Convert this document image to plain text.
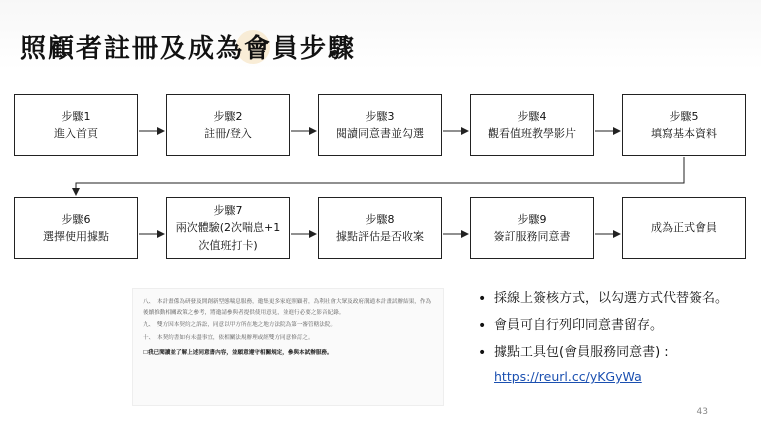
照顧者註冊及成為會員步驟
步驟1
進入首頁
步驟2
註冊/登入
步驟3
閱讀同意書並勾選
步驟4
觀看值班教學影片
步驟5
填寫基本資料
步驟6
選擇使用據點
步驟7
兩次體驗(2次喘息+1次值班打卡)
步驟8
據點評估是否收案
步驟9
簽訂服務同意書
成為正式會員

八、　本計畫係為研發及開創新型態喘息服務，邀集更多家庭照顧者，為利社會大眾及政府溝通本計畫試辦結果，作為後續推動相關政策之參考，將邀請參與者提供使用意見，並進行必要之影音紀錄。

九、　雙方因本契約之訴訟，同意以甲方所在地之地方法院為第一審管轄法院。

十、　本契約書如有未盡事宜，依相關法規辦理或經雙方同意修訂之。

☐我已閱讀並了解上述同意書內容，並願意遵守相關規定，參與本試辦服務。

• 採線上簽核方式，以勾選方式代替簽名。
• 會員可自行列印同意書留存。
• 據點工具包(會員服務同意書) :
https://reurl.cc/yKGyWa
43
